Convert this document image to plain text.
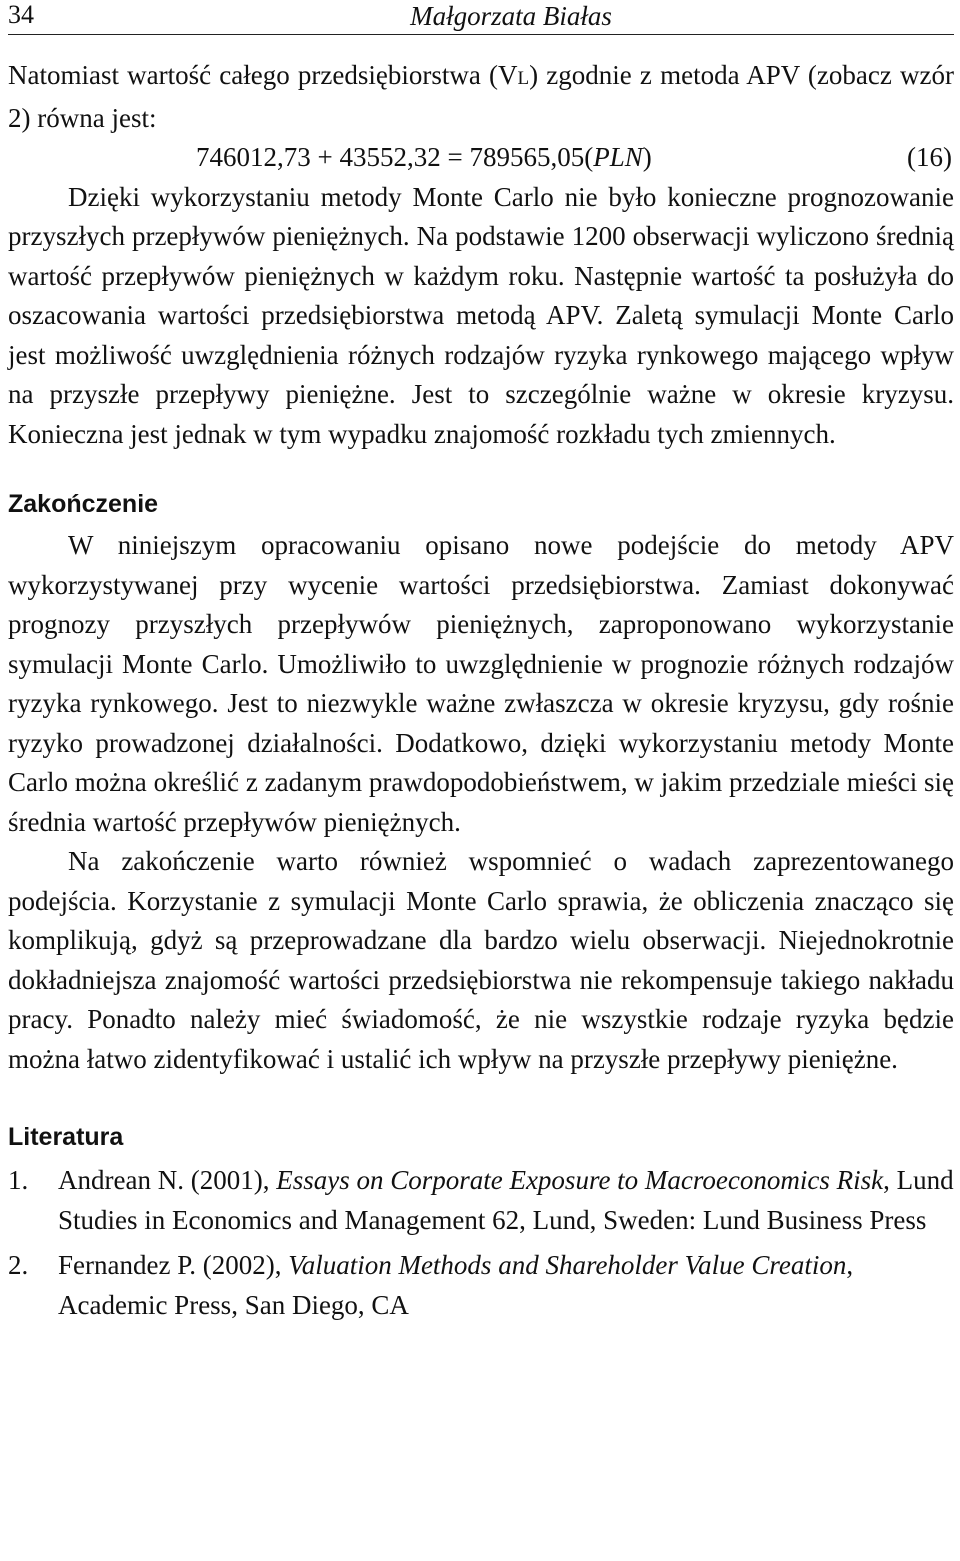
34	Małgorzata Białas

Natomiast wartość całego przedsiębiorstwa (VL) zgodnie z metoda APV (zobacz wzór 2) równa jest:

746012,73 + 43552,32 = 789565,05(PLN)	(16)

Dzięki wykorzystaniu metody Monte Carlo nie było konieczne prognozowanie przyszłych przepływów pieniężnych. Na podstawie 1200 obserwacji wyliczono średnią wartość przepływów pieniężnych w każdym roku. Następnie wartość ta posłużyła do oszacowania wartości przedsiębiorstwa metodą APV. Zaletą symulacji Monte Carlo jest możliwość uwzględnienia różnych rodzajów ryzyka rynkowego mającego wpływ na przyszłe przepływy pieniężne. Jest to szczególnie ważne w okresie kryzysu. Konieczna jest jednak w tym wypadku znajomość rozkładu tych zmiennych.

Zakończenie

W niniejszym opracowaniu opisano nowe podejście do metody APV wykorzystywanej przy wycenie wartości przedsiębiorstwa. Zamiast dokonywać prognozy przyszłych przepływów pieniężnych, zaproponowano wykorzystanie symulacji Monte Carlo. Umożliwiło to uwzględnienie w prognozie różnych rodzajów ryzyka rynkowego. Jest to niezwykle ważne zwłaszcza w okresie kryzysu, gdy rośnie ryzyko prowadzonej działalności. Dodatkowo, dzięki wykorzystaniu metody Monte Carlo można określić z zadanym prawdopodobieństwem, w jakim przedziale mieści się średnia wartość przepływów pieniężnych.

Na zakończenie warto również wspomnieć o wadach zaprezentowanego podejścia. Korzystanie z symulacji Monte Carlo sprawia, że obliczenia znacząco się komplikują, gdyż są przeprowadzane dla bardzo wielu obserwacji. Niejednokrotnie dokładniejsza znajomość wartości przedsiębiorstwa nie rekompensuje takiego nakładu pracy. Ponadto należy mieć świadomość, że nie wszystkie rodzaje ryzyka będzie można łatwo zidentyfikować i ustalić ich wpływ na przyszłe przepływy pieniężne.

Literatura
1. Andrean N. (2001), Essays on Corporate Exposure to Macroeconomics Risk, Lund Studies in Economics and Management 62, Lund, Sweden: Lund Business Press
2. Fernandez P. (2002), Valuation Methods and Shareholder Value Creation, Academic Press, San Diego, CA
